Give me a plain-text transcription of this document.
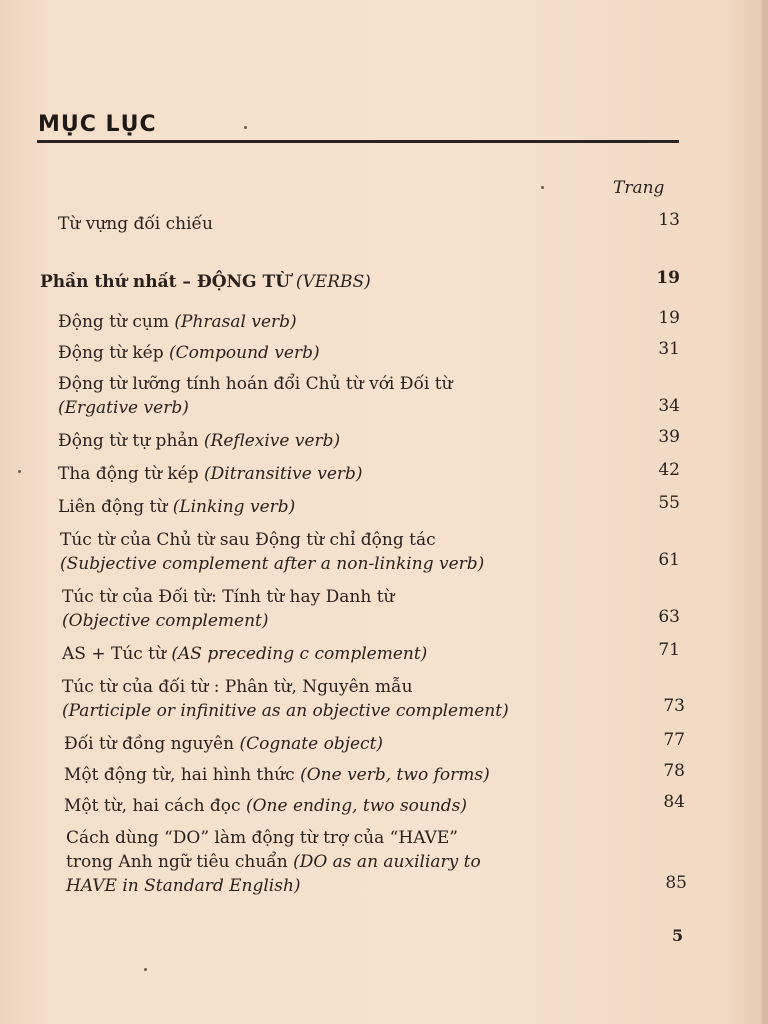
MỤC LỤC
Trang
Từ vựng đối chiếu	13
Phần thứ nhất – ĐỘNG TỪ (VERBS)	19
Động từ cụm (Phrasal verb)	19
Động từ kép (Compound verb)	31
Động từ lưỡng tính hoán đổi Chủ từ với Đối từ
(Ergative verb)	34
Động từ tự phản (Reflexive verb)	39
Tha động từ kép (Ditransitive verb)	42
Liên động từ (Linking verb)	55
Túc từ của Chủ từ sau Động từ chỉ động tác
(Subjective complement after a non-linking verb)	61
Túc từ của Đối từ: Tính từ hay Danh từ
(Objective complement)	63
AS + Túc từ (AS preceding c complement)	71
Túc từ của đối từ : Phân từ, Nguyên mẫu
(Participle or infinitive as an objective complement)	73
Đối từ đồng nguyên (Cognate object)	77
Một động từ, hai hình thức (One verb, two forms)	78
Một từ, hai cách đọc (One ending, two sounds)	84
Cách dùng “DO” làm động từ trợ của “HAVE”
trong Anh ngữ tiêu chuẩn (DO as an auxiliary to
HAVE in Standard English)	85
5
